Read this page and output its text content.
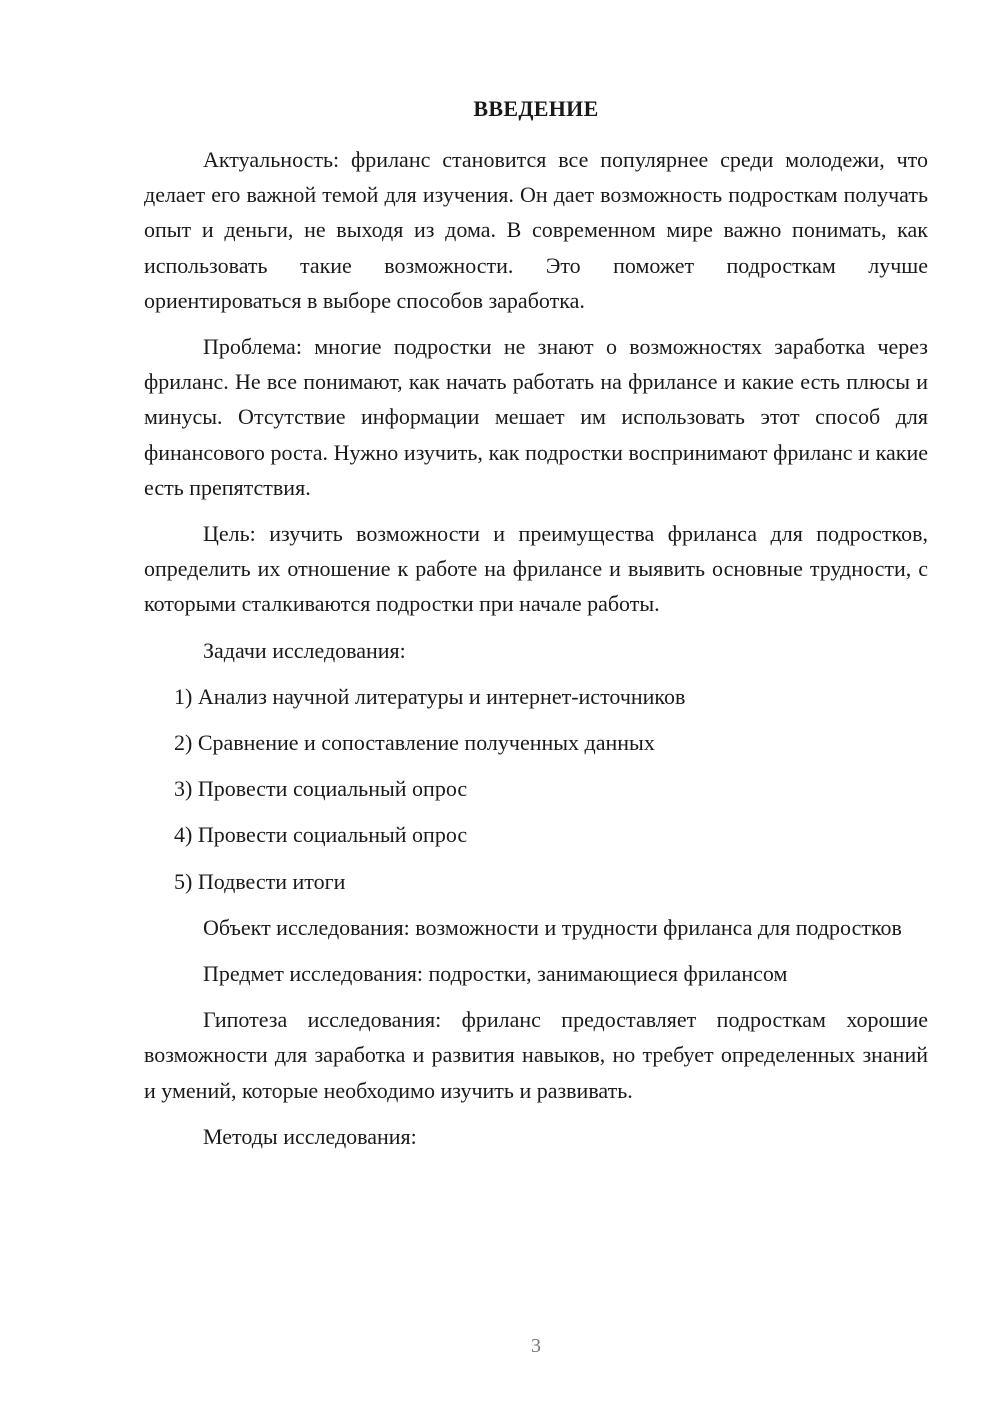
ВВЕДЕНИЕ

Актуальность: фриланс становится все популярнее среди молодежи, что делает его важной темой для изучения. Он дает возможность подросткам получать опыт и деньги, не выходя из дома. В современном мире важно понимать, как использовать такие возможности. Это поможет подросткам лучше ориентироваться в выборе способов заработка.

Проблема: многие подростки не знают о возможностях заработка через фриланс. Не все понимают, как начать работать на фрилансе и какие есть плюсы и минусы. Отсутствие информации мешает им использовать этот способ для финансового роста. Нужно изучить, как подростки воспринимают фриланс и какие есть препятствия.

Цель: изучить возможности и преимущества фриланса для подростков, определить их отношение к работе на фрилансе и выявить основные трудности, с которыми сталкиваются подростки при начале работы.

Задачи исследования:

1) Анализ научной литературы и интернет-источников

2) Сравнение и сопоставление полученных данных

3) Провести социальный опрос

4) Провести социальный опрос

5) Подвести итоги

Объект исследования: возможности и трудности фриланса для подростков

Предмет исследования: подростки, занимающиеся фрилансом

Гипотеза исследования: фриланс предоставляет подросткам хорошие возможности для заработка и развития навыков, но требует определенных знаний и умений, которые необходимо изучить и развивать.

Методы исследования:

3
